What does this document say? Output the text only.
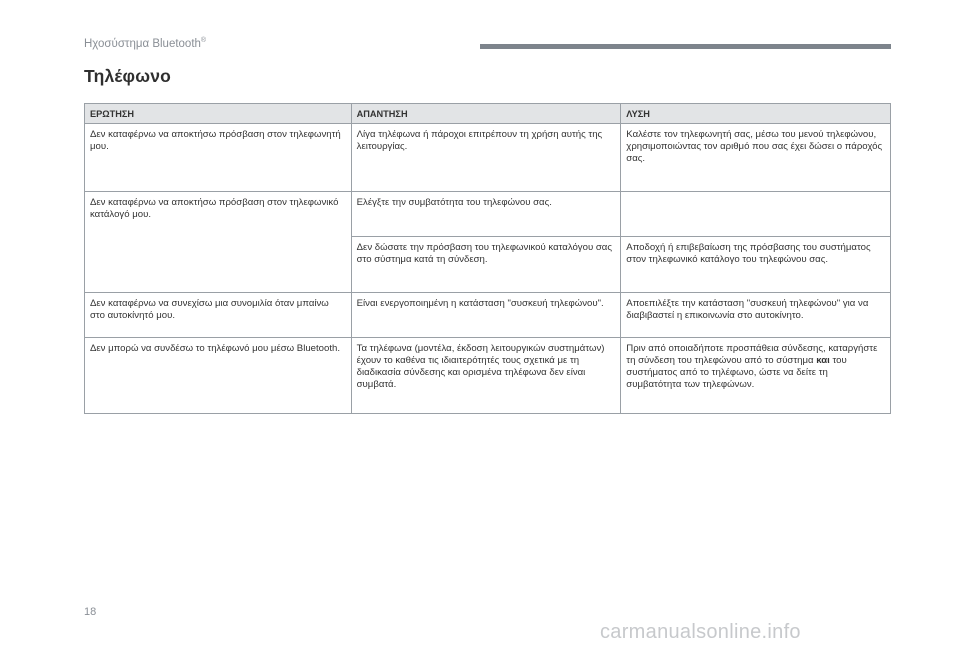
Ηχοσύστημα Bluetooth®
Τηλέφωνο
ΕΡΩΤΗΣΗ	ΑΠΑΝΤΗΣΗ	ΛΥΣΗ
Δεν καταφέρνω να αποκτήσω πρόσβαση στον τηλεφωνητή μου.	Λίγα τηλέφωνα ή πάροχοι επιτρέπουν τη χρήση αυτής της λειτουργίας.	Καλέστε τον τηλεφωνητή σας, μέσω του μενού τηλεφώνου, χρησιμοποιώντας τον αριθμό που σας έχει δώσει ο πάροχός σας.
Δεν καταφέρνω να αποκτήσω πρόσβαση στον τηλεφωνικό κατάλογό μου.	Ελέγξτε την συμβατότητα του τηλεφώνου σας.	
	Δεν δώσατε την πρόσβαση του τηλεφωνικού καταλόγου σας στο σύστημα κατά τη σύνδεση.	Αποδοχή ή επιβεβαίωση της πρόσβασης του συστήματος στον τηλεφωνικό κατάλογο του τηλεφώνου σας.
Δεν καταφέρνω να συνεχίσω μια συνομιλία όταν μπαίνω στο αυτοκίνητό μου.	Είναι ενεργοποιημένη η κατάσταση "συσκευή τηλεφώνου".	Αποεπιλέξτε την κατάσταση "συσκευή τηλεφώνου" για να διαβιβαστεί η επικοινωνία στο αυτοκίνητο.
Δεν μπορώ να συνδέσω το τηλέφωνό μου μέσω Bluetooth.	Τα τηλέφωνα (μοντέλα, έκδοση λειτουργικών συστημάτων) έχουν το καθένα τις ιδιαιτερότητές τους σχετικά με τη διαδικασία σύνδεσης και ορισμένα τηλέφωνα δεν είναι συμβατά.	Πριν από οποιαδήποτε προσπάθεια σύνδεσης, καταργήστε τη σύνδεση του τηλεφώνου από το σύστημα και του συστήματος από το τηλέφωνο, ώστε να δείτε τη συμβατότητα των τηλεφώνων.
18
carmanualsonline.info
